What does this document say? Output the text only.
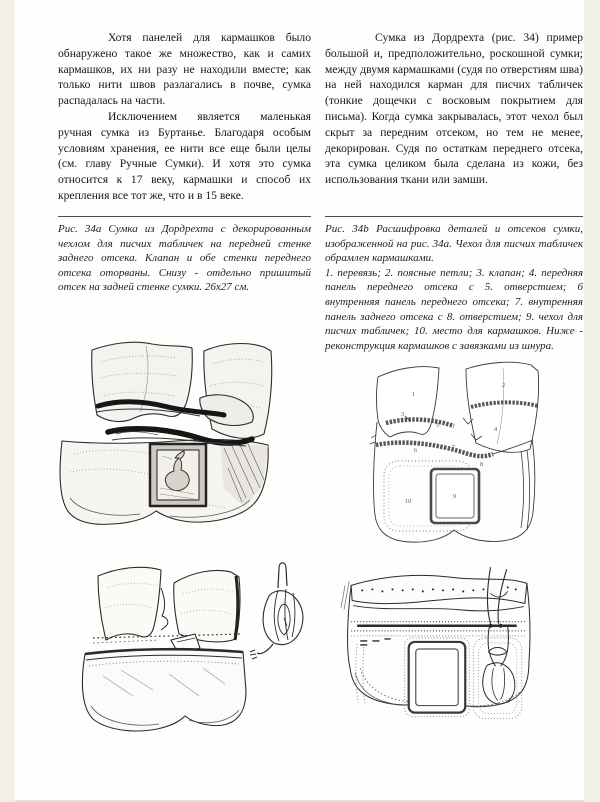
Хотя панелей для кармашков было обнаружено такое же множество, как и самих кармашков, их ни разу не находили вместе; как только нити швов разлагались в почве, сумка распадалась на части.

Исключением является маленькая ручная сумка из Буртанье. Благодаря особым условиям хранения, ее нити все еще были целы (см. главу Ручные Сумки). И хотя это сумка относится к 17 веку, кармашки и способ их крепления все тот же, что и в 15 веке.

Сумка из Дордрехта (рис. 34) пример большой и, предположительно, роскошной сумки; между двумя кармашками (судя по отверстиям шва) на ней находился карман для писчих табличек (тонкие дощечки с восковым покрытием для письма). Когда сумка закрывалась, этот чехол был скрыт за передним отсеком, но тем не менее, декорирован. Судя по остаткам переднего отсека, эта сумка целиком была сделана из кожи, без использования ткани или замши.

Рис. 34а Сумка из Дордрехта с декорированным чехлом для писчих табличек на передней стенке заднего отсека. Клапан и обе стенки переднего отсека оторваны. Снизу - отдельно пришитый отсек на задней стенке сумки. 26х27 см.

Рис. 34b Расшифровка деталей и отсеков сумки, изображенной на рис. 34а. Чехол для писчих табличек обрамлен кармашками.

1. перевязь; 2. поясные петли; 3. клапан; 4. передняя панель переднего отсека с 5. отверстием; 6 внутренняя панель переднего отсека; 7. внутренняя панель заднего отсека с 8. отверстием; 9. чехол для писчих табличек; 10. место для кармашков. Ниже - реконструкция кармашков с завязками из шнура.

1
2
3
4
5
6	7
8
9
10
